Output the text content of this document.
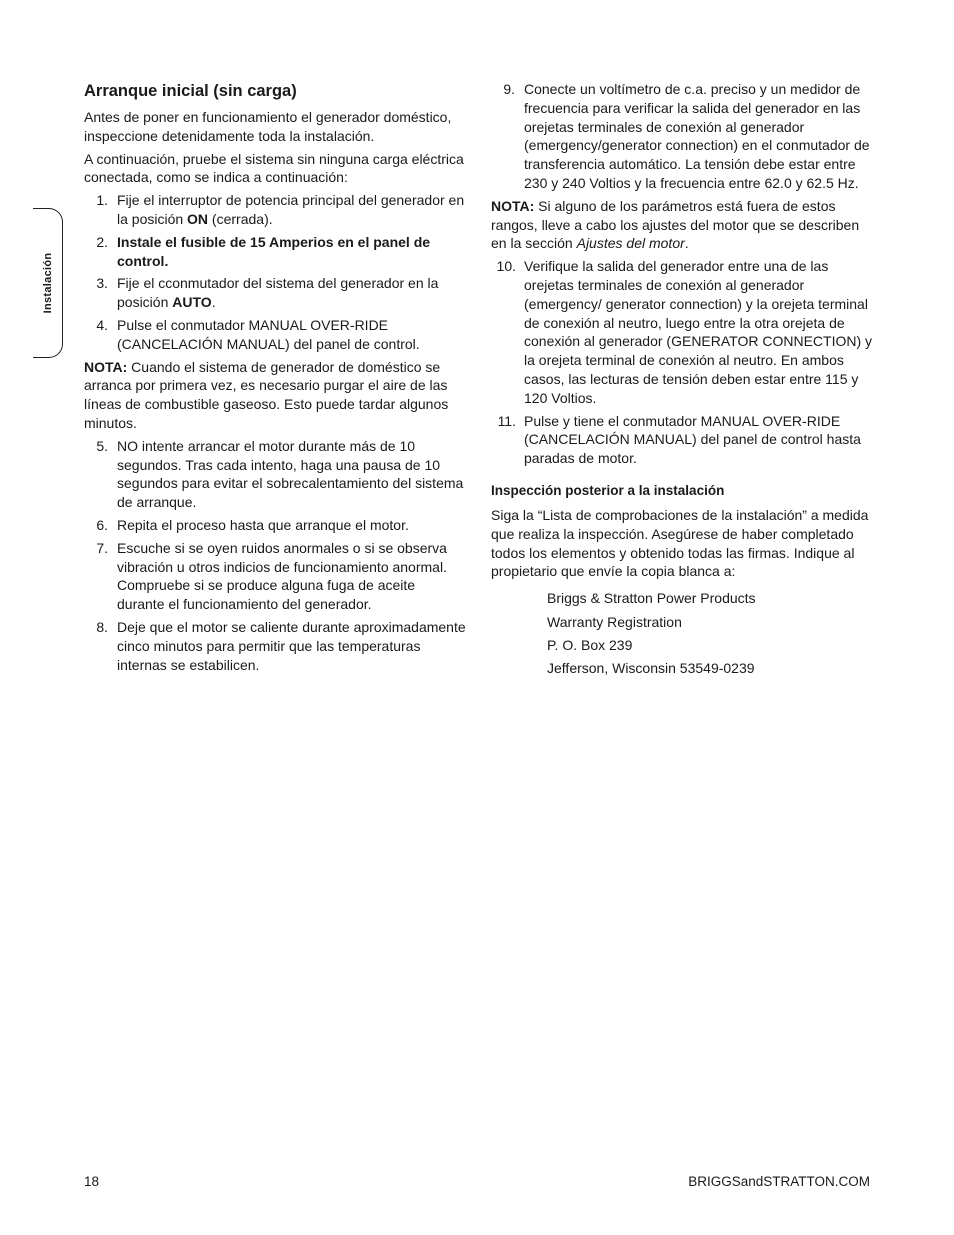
Instalación
Arranque inicial (sin carga)

Antes de poner en funcionamiento el generador doméstico, inspeccione detenidamente toda la instalación.

A continuación, pruebe el sistema sin ninguna carga eléctrica conectada, como se indica a continuación:

1. Fije el interruptor de potencia principal del generador en la posición ON (cerrada).
2. Instale el fusible de 15 Amperios en el panel de control.
3. Fije el cconmutador del sistema del generador en la posición AUTO.
4. Pulse el conmutador MANUAL OVER-RIDE (CANCELACIÓN MANUAL) del panel de control.

NOTA: Cuando el sistema de generador de doméstico se arranca por primera vez, es necesario purgar el aire de las líneas de combustible gaseoso. Esto puede tardar algunos minutos.

5. NO intente arrancar el motor durante más de 10 segundos. Tras cada intento, haga una pausa de 10 segundos para evitar el sobrecalentamiento del sistema de arranque.
6. Repita el proceso hasta que arranque el motor.
7. Escuche si se oyen ruidos anormales o si se observa vibración u otros indicios de funcionamiento anormal. Compruebe si se produce alguna fuga de aceite durante el funcionamiento del generador.
8. Deje que el motor se caliente durante aproximadamente cinco minutos para permitir que las temperaturas internas se estabilicen.
9. Conecte un voltímetro de c.a. preciso y un medidor de frecuencia para verificar la salida del generador en las orejetas terminales de conexión al generador (emergency/generator connection) en el conmutador de transferencia automático. La tensión debe estar entre 230 y 240 Voltios y la frecuencia entre 62.0 y 62.5 Hz.

NOTA: Si alguno de los parámetros está fuera de estos rangos, lleve a cabo los ajustes del motor que se describen en la sección Ajustes del motor.

10. Verifique la salida del generador entre una de las orejetas terminales de conexión al generador (emergency/ generator connection) y la orejeta terminal de conexión al neutro, luego entre la otra orejeta de conexión al generador (GENERATOR CONNECTION) y la orejeta terminal de conexión al neutro. En ambos casos, las lecturas de tensión deben estar entre 115 y 120 Voltios.
11. Pulse y tiene el conmutador MANUAL OVER-RIDE (CANCELACIÓN MANUAL) del panel de control hasta paradas de motor.
Inspección posterior a la instalación

Siga la “Lista de comprobaciones de la instalación” a medida que realiza la inspección. Asegúrese de haber completado todos los elementos y obtenido todas las firmas. Indique al propietario que envíe la copia blanca a:

Briggs & Stratton Power Products
Warranty Registration
P. O. Box 239
Jefferson, Wisconsin 53549-0239
18	BRIGGSandSTRATTON.COM
